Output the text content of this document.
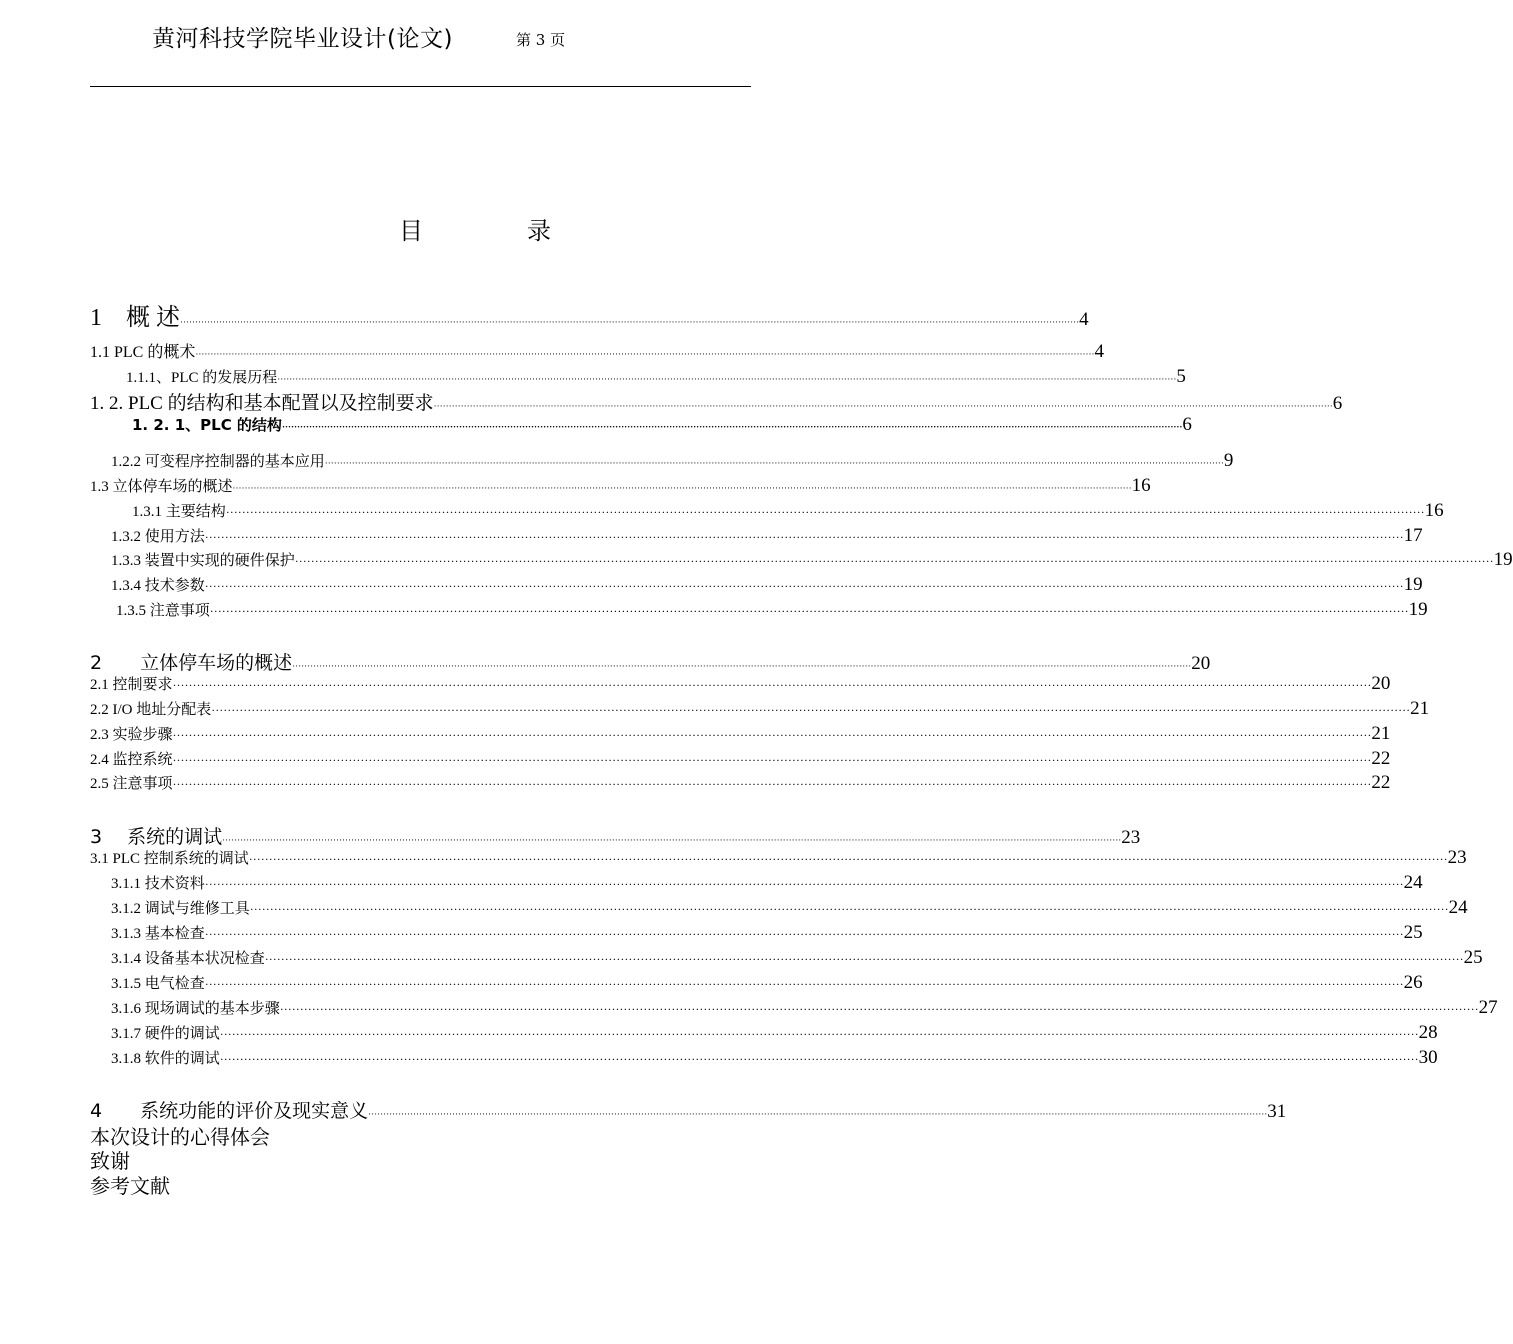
黄河科技学院毕业设计(论文)	第 3 页
目	录
1　概 述 ············································································································································································································································································································ 4
1.1 PLC 的概术 ············································································································································································································································································································ 4
1.1.1、PLC 的发展历程 ············································································································································································································································································································ 5
1. 2. PLC 的结构和基本配置以及控制要求 ············································································································································································································································································································ 6
1. 2. 1、PLC 的结构 ············································································································································································································································································································ 6
1.2.2 可变程序控制器的基本应用 ············································································································································································································································································································ 9
1.3 立体停车场的概述 ············································································································································································································································································································ 16
1.3.1 主要结构 ············································································································································································································································································································ 16
1.3.2 使用方法 ············································································································································································································································································································ 17
1.3.3 装置中实现的硬件保护 ············································································································································································································································································································ 19
1.3.4 技术参数 ············································································································································································································································································································ 19
1.3.5 注意事项 ············································································································································································································································································································ 19
2　　立体停车场的概述 ············································································································································································································································································································ 20
2.1 控制要求 ············································································································································································································································································································ 20
2.2 I/O 地址分配表 ············································································································································································································································································································ 21
2.3 实验步骤 ············································································································································································································································································································ 21
2.4 监控系统 ············································································································································································································································································································ 22
2.5 注意事项 ············································································································································································································································································································ 22
3　 系统的调试 ············································································································································································································································································································ 23
3.1 PLC 控制系统的调试 ············································································································································································································································································································ 23
3.1.1 技术资料 ············································································································································································································································································································ 24
3.1.2 调试与维修工具 ············································································································································································································································································································ 24
3.1.3 基本检查 ············································································································································································································································································································ 25
3.1.4 设备基本状况检查 ············································································································································································································································································································ 25
3.1.5 电气检查 ············································································································································································································································································································ 26
3.1.6 现场调试的基本步骤 ············································································································································································································································································································ 27
3.1.7 硬件的调试 ············································································································································································································································································································ 28
3.1.8 软件的调试 ············································································································································································································································································································ 30
4　　系统功能的评价及现实意义 ············································································································································································································································································································ 31
本次设计的心得体会
致谢
参考文献
